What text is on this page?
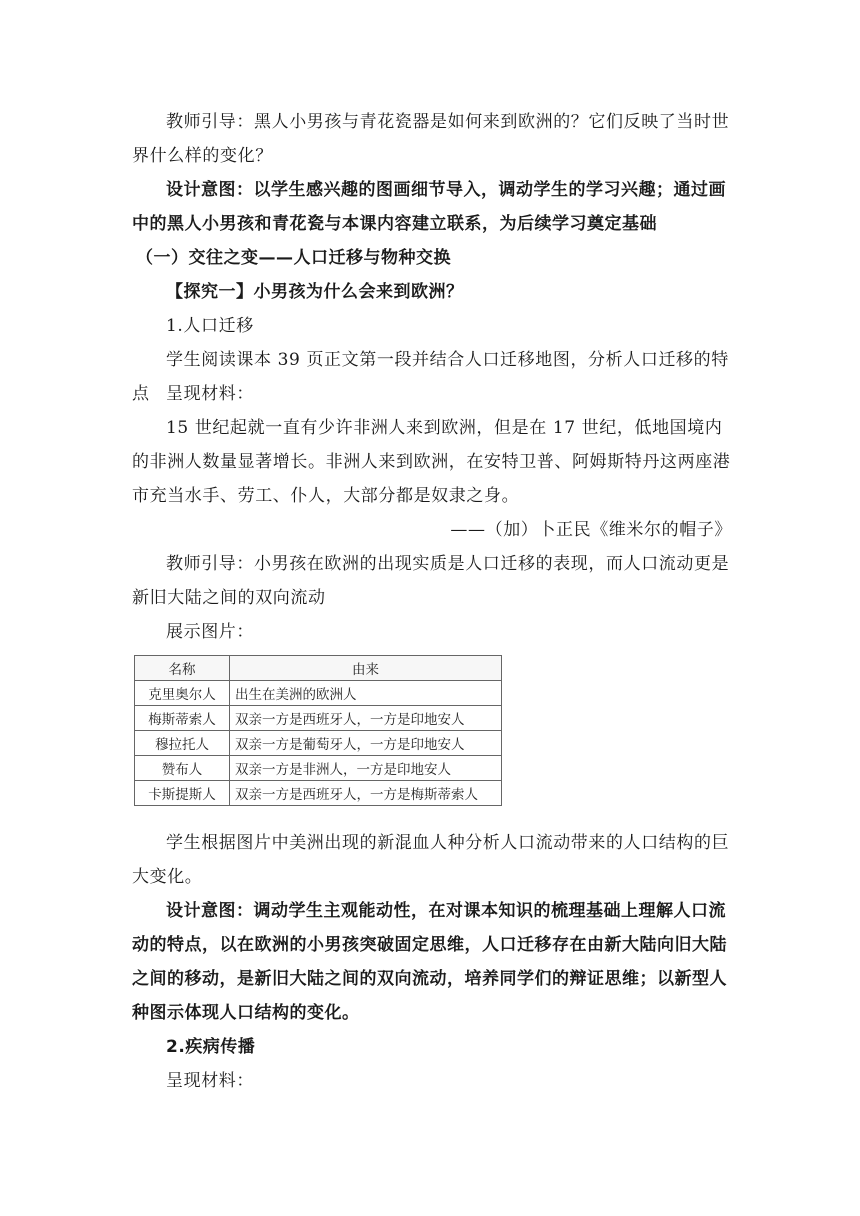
教师引导：黑人小男孩与青花瓷器是如何来到欧洲的？它们反映了当时世界什么样的变化？

设计意图：以学生感兴趣的图画细节导入，调动学生的学习兴趣；通过画中的黑人小男孩和青花瓷与本课内容建立联系，为后续学习奠定基础

（一）交往之变——人口迁移与物种交换

【探究一】小男孩为什么会来到欧洲？

1.人口迁移

学生阅读课本 39 页正文第一段并结合人口迁移地图，分析人口迁移的特点 呈现材料：

15 世纪起就一直有少许非洲人来到欧洲，但是在 17 世纪，低地国境内的非洲人数量显著增长。非洲人来到欧洲，在安特卫普、阿姆斯特丹这两座港市充当水手、劳工、仆人，大部分都是奴隶之身。

——（加）卜正民《维米尔的帽子》

教师引导：小男孩在欧洲的出现实质是人口迁移的表现，而人口流动更是新旧大陆之间的双向流动

展示图片：

名称	由来
克里奥尔人	出生在美洲的欧洲人
梅斯蒂索人	双亲一方是西班牙人，一方是印地安人
穆拉托人	双亲一方是葡萄牙人，一方是印地安人
赞布人	双亲一方是非洲人，一方是印地安人
卡斯提斯人	双亲一方是西班牙人，一方是梅斯蒂索人

学生根据图片中美洲出现的新混血人种分析人口流动带来的人口结构的巨大变化。

设计意图：调动学生主观能动性，在对课本知识的梳理基础上理解人口流动的特点，以在欧洲的小男孩突破固定思维，人口迁移存在由新大陆向旧大陆之间的移动，是新旧大陆之间的双向流动，培养同学们的辩证思维；以新型人种图示体现人口结构的变化。

2.疾病传播

呈现材料：
